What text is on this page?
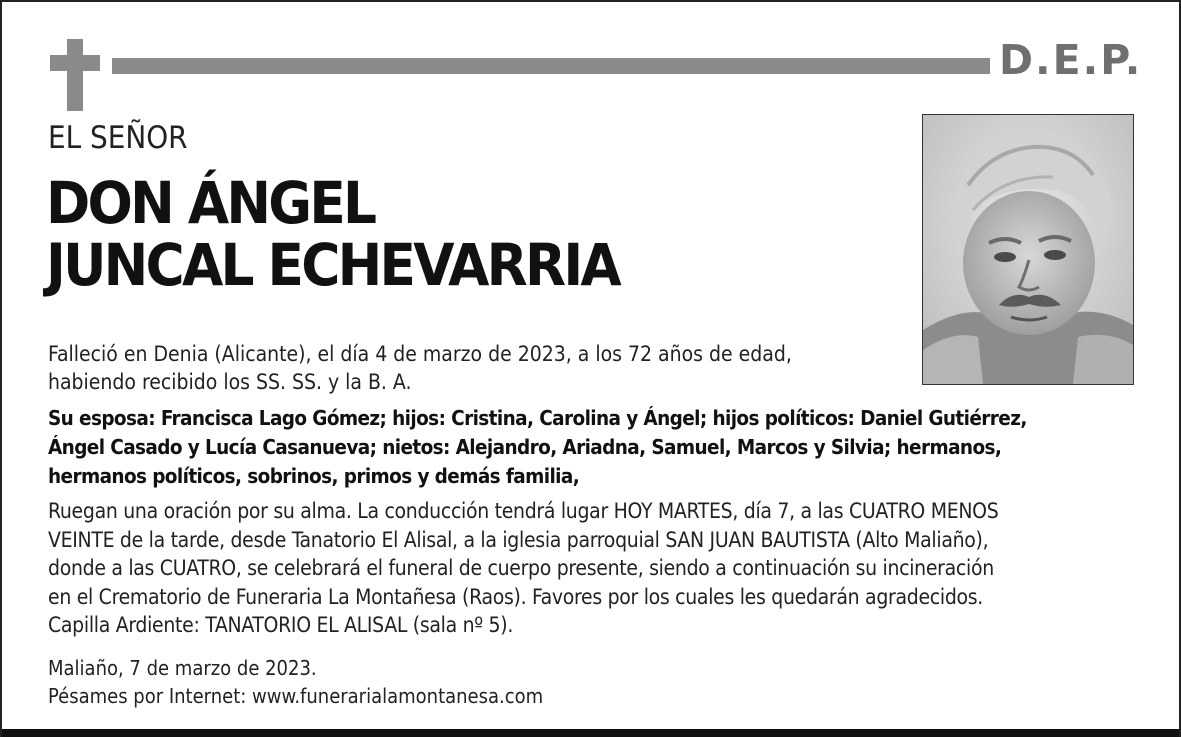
D.E.P.
EL SEÑOR
DON ÁNGEL
JUNCAL ECHEVARRIA
Falleció en Denia (Alicante), el día 4 de marzo de 2023, a los 72 años de edad,
habiendo recibido los SS. SS. y la B. A.
Su esposa: Francisca Lago Gómez; hijos: Cristina, Carolina y Ángel; hijos políticos: Daniel Gutiérrez,
Ángel Casado y Lucía Casanueva; nietos: Alejandro, Ariadna, Samuel, Marcos y Silvia; hermanos,
hermanos políticos, sobrinos, primos y demás familia,
Ruegan una oración por su alma. La conducción tendrá lugar HOY MARTES, día 7, a las CUATRO MENOS
VEINTE de la tarde, desde Tanatorio El Alisal, a la iglesia parroquial SAN JUAN BAUTISTA (Alto Maliaño),
donde a las CUATRO, se celebrará el funeral de cuerpo presente, siendo a continuación su incineración
en el Crematorio de Funeraria La Montañesa (Raos). Favores por los cuales les quedarán agradecidos.
Capilla Ardiente: TANATORIO EL ALISAL (sala nº 5).
Maliaño, 7 de marzo de 2023.
Pésames por Internet: www.funerarialamontanesa.com
